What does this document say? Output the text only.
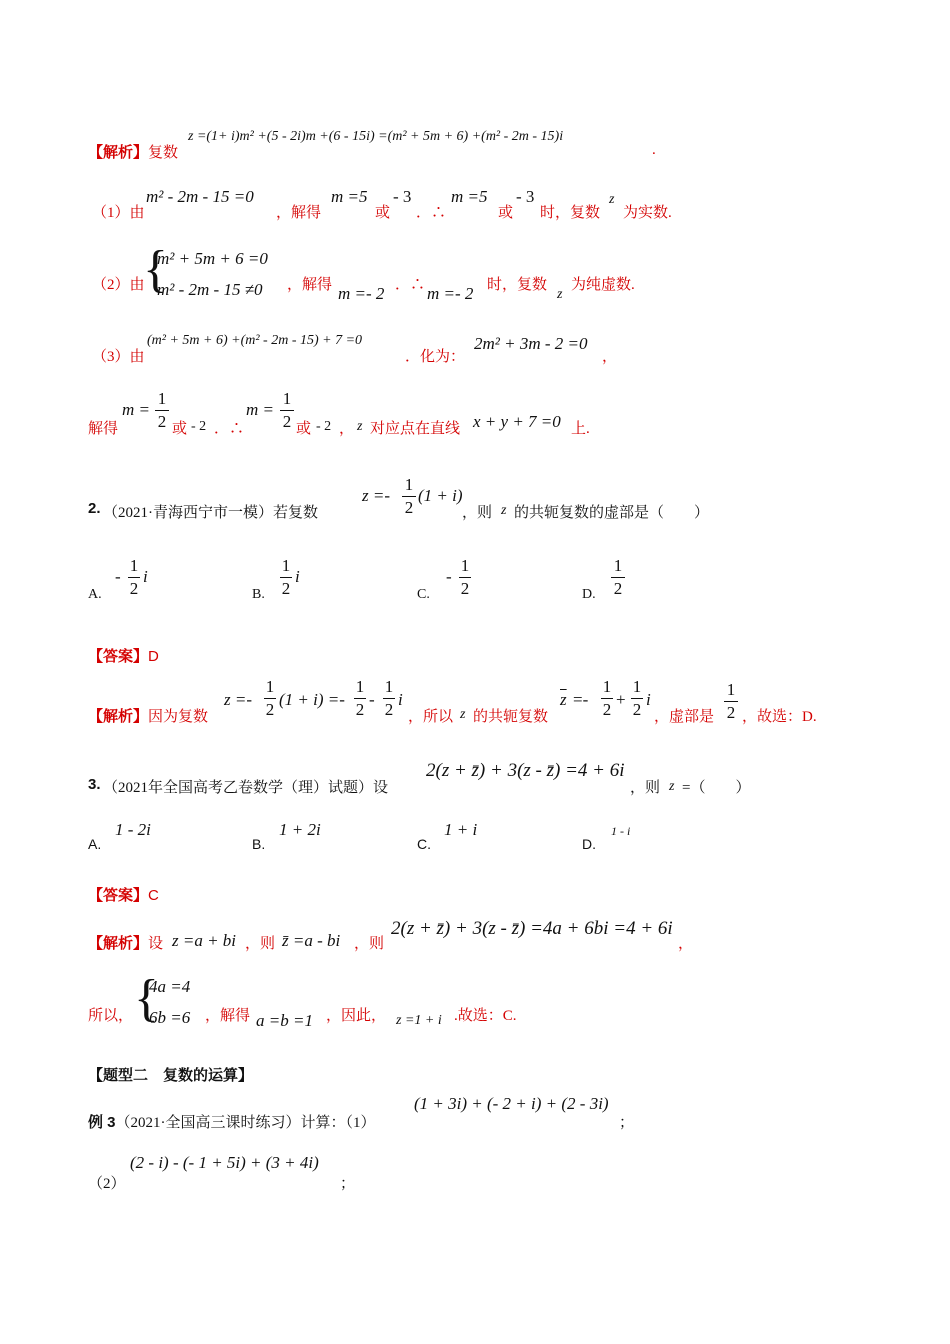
【解析】复数
z =(1+ i)m² +(5 - 2i)m +(6 - 15i) =(m² + 5m + 6) +(m² - 2m - 15)i
.
（1）由
m² - 2m - 15 =0
，解得
m =5
或
- 3
．∴
m =5
或
- 3
时，复数
z
为实数.
（2）由
{
m² + 5m + 6 =0
m² - 2m - 15 ≠0 ，解得 m =- 2 ．∴ m =- 2 时，复数
z
为纯虚数.
（3）由
(m² + 5m + 6) +(m² - 2m - 15) + 7 =0
．化为：
2m² + 3m - 2 =0
，
解得
m =
1
2 或 - 2 ．∴
m =
1
2 或 - 2 ， z 对应点在直线 x + y + 7 =0 上.
2. （2021·青海西宁市一模）若复数
z =-
1
2
(1 + i)
，则 z 的共轭复数的虚部是（　　）
A.
-
1
2
i
B.
1
2
i
C.
-
1
2	D.
1
2
【答案】D
【解析】因为复数
z =-
1
2
(1 + i) =-
1
2
-
1
2
i
，所以 z 的共轭复数
$\overline{z}$ =-
1
2
+
1
2
i
，虚部是
1
2 ，故选：D.
3. （2021年全国高考乙卷数学（理）试题）设
2(z + z̄) + 3(z - z̄) =4 + 6i
，则 z =（　　）
A.
1 - 2i
B.
1 + 2i
C.
1 + i
D.
1 - i
【答案】C
【解析】设 z =a + bi ，则 z̄ =a - bi ，则
2(z + z̄) + 3(z - z̄) =4a + 6bi =4 + 6i
，
所以， {
4a =4
6b =6 ，解得 a =b =1 ，因此， z =1 + i .故选：C.
【题型二　复数的运算】
例 3（2021·全国高三课时练习）计算：（1）
(1 + 3i) + (- 2 + i) + (2 - 3i)
；
（2）
(2 - i) - (- 1 + 5i) + (3 + 4i)
；
